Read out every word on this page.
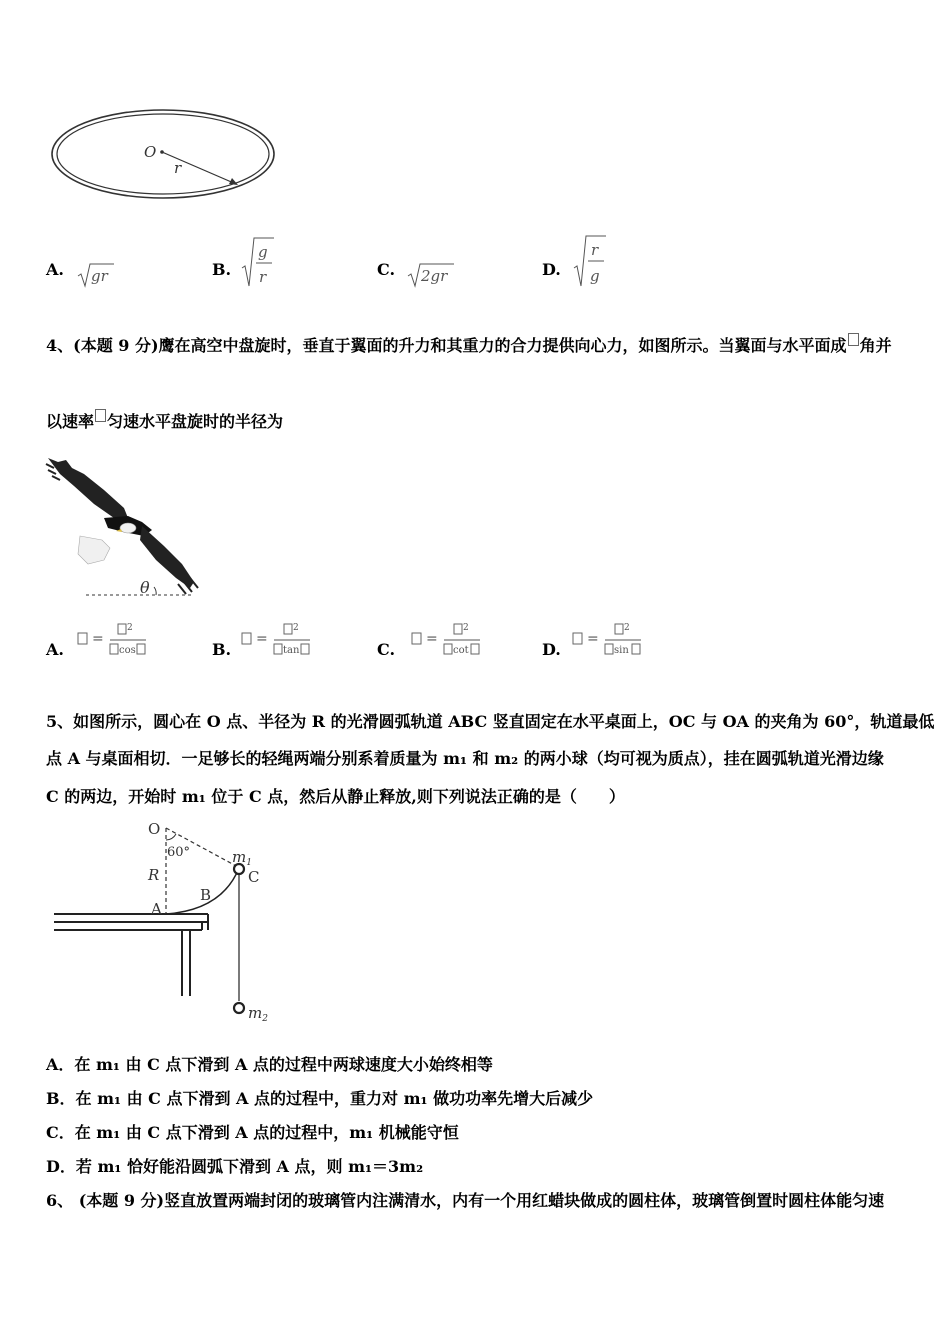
O
r
A. gr	B.
g
r	C. 2gr	D.
r
g
4、(本题 9 分)鹰在高空中盘旋时，垂直于翼面的升力和其重力的合力提供向心力，如图所示。当翼面与水平面成 角并
以速率 匀速水平盘旋时的半径为
θ
A.
=
2
cos	B.
=
2
tan	C.
=
2
cot	D.
=
2
sin
5、如图所示，圆心在 O 点、半径为 R 的光滑圆弧轨道 ABC 竖直固定在水平桌面上，OC 与 OA 的夹角为 60°，轨道最低
点 A 与桌面相切．一足够长的轻绳两端分别系着质量为 m₁ 和 m₂ 的两小球（均可视为质点），挂在圆弧轨道光滑边缘
C 的两边，开始时 m₁ 位于 C 点，然后从静止释放,则下列说法正确的是（　　）
O
60°
R
A
B
C
$m_1$
$m_2$
A．在 m₁ 由 C 点下滑到 A 点的过程中两球速度大小始终相等
B．在 m₁ 由 C 点下滑到 A 点的过程中，重力对 m₁ 做功功率先增大后减少
C．在 m₁ 由 C 点下滑到 A 点的过程中，m₁ 机械能守恒
D．若 m₁ 恰好能沿圆弧下滑到 A 点，则 m₁＝3m₂
6、 (本题 9 分)竖直放置两端封闭的玻璃管内注满清水，内有一个用红蜡块做成的圆柱体，玻璃管倒置时圆柱体能匀速
